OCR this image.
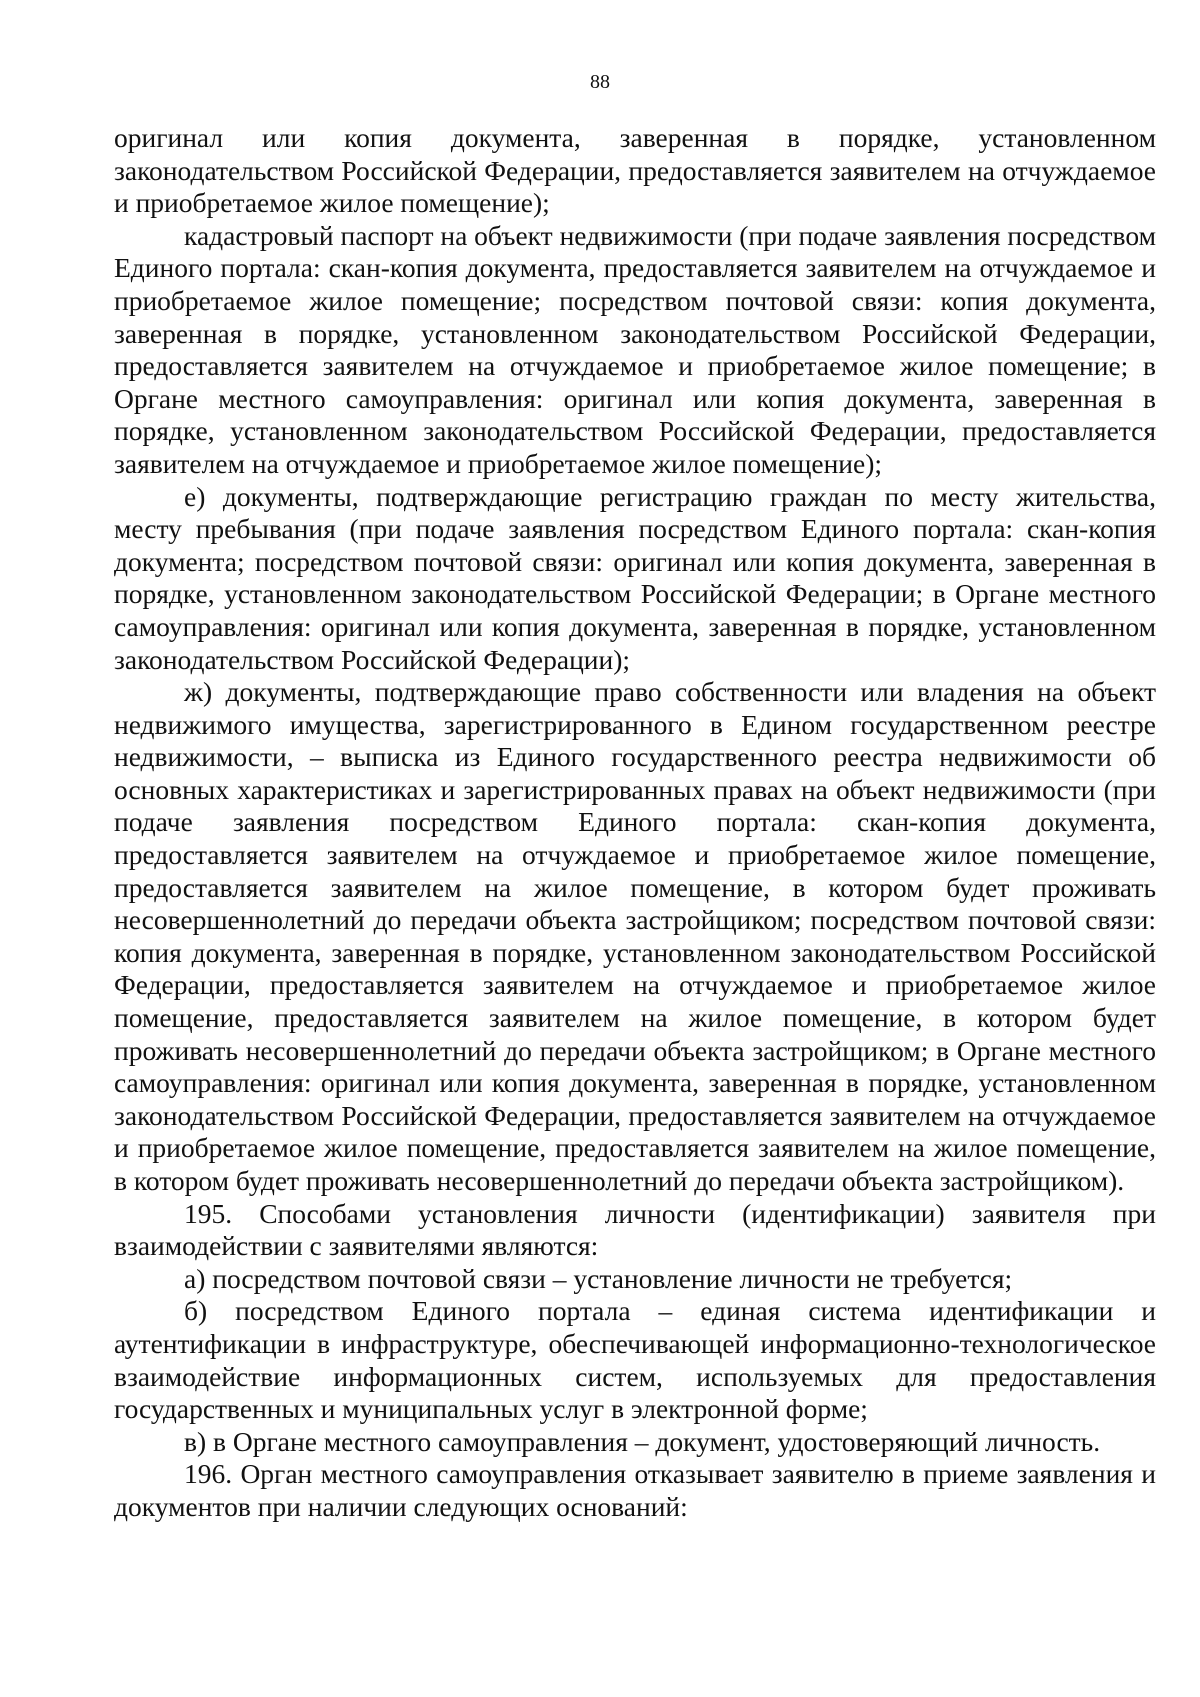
88

оригинал или копия документа, заверенная в порядке, установленном законодательством Российской Федерации, предоставляется заявителем на отчуждаемое и приобретаемое жилое помещение);

кадастровый паспорт на объект недвижимости (при подаче заявления посредством Единого портала: скан-копия документа, предоставляется заявителем на отчуждаемое и приобретаемое жилое помещение; посредством почтовой связи: копия документа, заверенная в порядке, установленном законодательством Российской Федерации, предоставляется заявителем на отчуждаемое и приобретаемое жилое помещение; в Органе местного самоуправления: оригинал или копия документа, заверенная в порядке, установленном законодательством Российской Федерации, предоставляется заявителем на отчуждаемое и приобретаемое жилое помещение);

е) документы, подтверждающие регистрацию граждан по месту жительства, месту пребывания (при подаче заявления посредством Единого портала: скан-копия документа; посредством почтовой связи: оригинал или копия документа, заверенная в порядке, установленном законодательством Российской Федерации; в Органе местного самоуправления: оригинал или копия документа, заверенная в порядке, установленном законодательством Российской Федерации);

ж) документы, подтверждающие право собственности или владения на объект недвижимого имущества, зарегистрированного в Едином государственном реестре недвижимости, – выписка из Единого государственного реестра недвижимости об основных характеристиках и зарегистрированных правах на объект недвижимости (при подаче заявления посредством Единого портала: скан-копия документа, предоставляется заявителем на отчуждаемое и приобретаемое жилое помещение, предоставляется заявителем на жилое помещение, в котором будет проживать несовершеннолетний до передачи объекта застройщиком; посредством почтовой связи: копия документа, заверенная в порядке, установленном законодательством Российской Федерации, предоставляется заявителем на отчуждаемое и приобретаемое жилое помещение, предоставляется заявителем на жилое помещение, в котором будет проживать несовершеннолетний до передачи объекта застройщиком; в Органе местного самоуправления: оригинал или копия документа, заверенная в порядке, установленном законодательством Российской Федерации, предоставляется заявителем на отчуждаемое и приобретаемое жилое помещение, предоставляется заявителем на жилое помещение, в котором будет проживать несовершеннолетний до передачи объекта застройщиком).

195. Способами установления личности (идентификации) заявителя при взаимодействии с заявителями являются:

а) посредством почтовой связи – установление личности не требуется;

б) посредством Единого портала – единая система идентификации и аутентификации в инфраструктуре, обеспечивающей информационно-технологическое взаимодействие информационных систем, используемых для предоставления государственных и муниципальных услуг в электронной форме;

в) в Органе местного самоуправления – документ, удостоверяющий личность.

196. Орган местного самоуправления отказывает заявителю в приеме заявления и документов при наличии следующих оснований:
